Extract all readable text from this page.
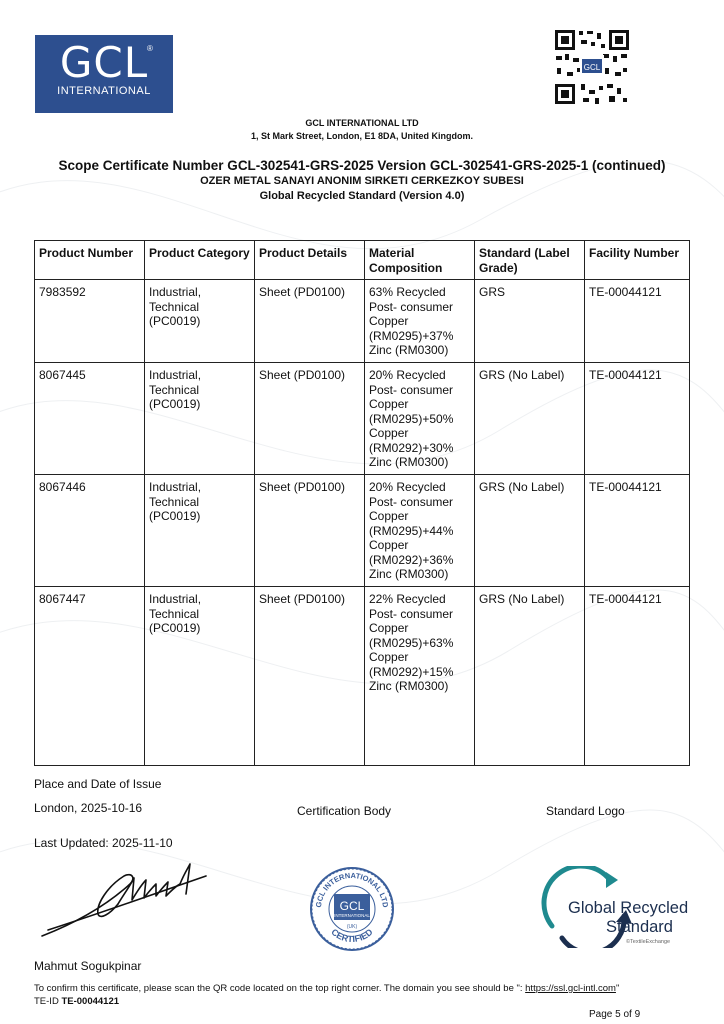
GCL
®
INTERNATIONAL
GCL
GCL INTERNATIONAL LTD
1, St Mark Street, London, E1 8DA, United Kingdom.
Scope Certificate Number GCL-302541-GRS-2025 Version GCL-302541-GRS-2025-1 (continued)
OZER METAL SANAYI ANONIM SIRKETI CERKEZKOY SUBESI
Global Recycled Standard (Version 4.0)
Product Number	Product Category	Product Details	Material Composition	Standard (Label Grade)	Facility Number
7983592	Industrial, Technical (PC0019)	Sheet (PD0100)	63% Recycled Post- consumer Copper (RM0295)+37% Zinc (RM0300)	GRS	TE-00044121
8067445	Industrial, Technical (PC0019)	Sheet (PD0100)	20% Recycled Post- consumer Copper (RM0295)+50% Copper (RM0292)+30% Zinc (RM0300)	GRS (No Label)	TE-00044121
8067446	Industrial, Technical (PC0019)	Sheet (PD0100)	20% Recycled Post- consumer Copper (RM0295)+44% Copper (RM0292)+36% Zinc (RM0300)	GRS (No Label)	TE-00044121
8067447	Industrial, Technical (PC0019)	Sheet (PD0100)	22% Recycled Post- consumer Copper (RM0295)+63% Copper (RM0292)+15% Zinc (RM0300)	GRS (No Label)	TE-00044121
Place and Date of Issue
London, 2025-10-16	Certification Body	Standard Logo
Last Updated: 2025-11-10
GCL INTERNATIONAL LTD
CERTIFIED
GCL
INTERNATIONAL
(UK)
Global Recycled
Standard
©TextileExchange
Mahmut Sogukpinar
To confirm this certificate, please scan the QR code located on the top right corner. The domain you see should be ": https://ssl.gcl-intl.com"
TE-ID TE-00044121
Page 5 of 9
